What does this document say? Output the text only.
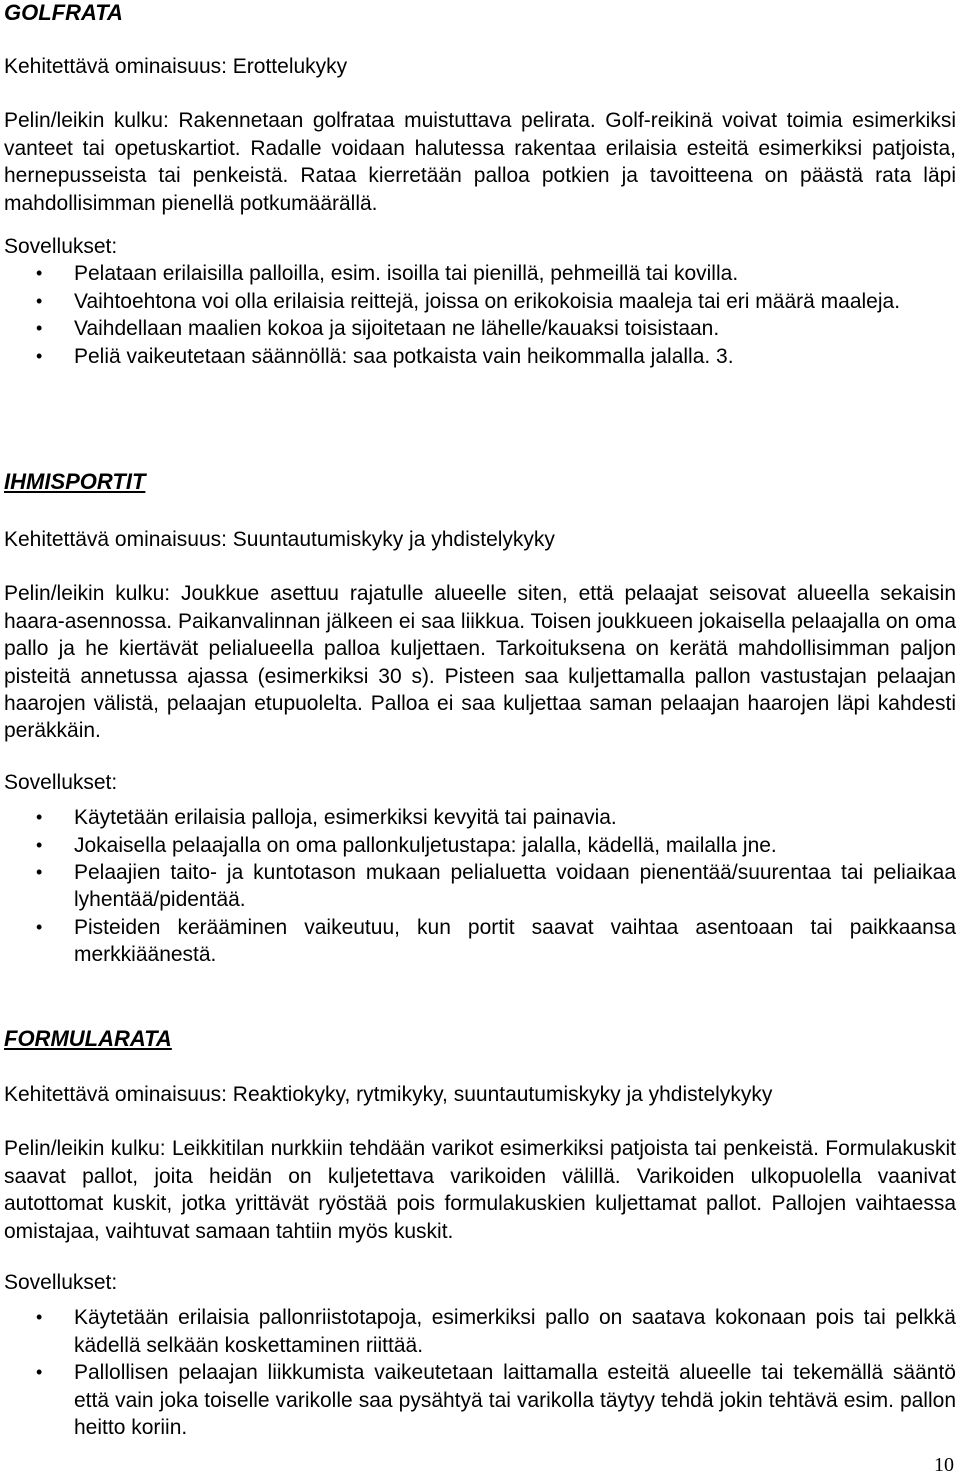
GOLFRATA

Kehitettävä ominaisuus: Erottelukyky

Pelin/leikin kulku: Rakennetaan golfrataa muistuttava pelirata. Golf-reikinä voivat toimia esimerkiksi vanteet tai opetuskartiot. Radalle voidaan halutessa rakentaa erilaisia esteitä esimerkiksi patjoista, hernepusseista tai penkeistä. Rataa kierretään palloa potkien ja tavoitteena on päästä rata läpi mahdollisimman pienellä potkumäärällä.

Sovellukset:

• Pelataan erilaisilla palloilla, esim. isoilla tai pienillä, pehmeillä tai kovilla.
• Vaihtoehtona voi olla erilaisia reittejä, joissa on erikokoisia maaleja tai eri määrä maaleja.
• Vaihdellaan maalien kokoa ja sijoitetaan ne lähelle/kauaksi toisistaan.
• Peliä vaikeutetaan säännöllä: saa potkaista vain heikommalla jalalla. 3.
IHMISPORTIT

Kehitettävä ominaisuus: Suuntautumiskyky ja yhdistelykyky

Pelin/leikin kulku: Joukkue asettuu rajatulle alueelle siten, että pelaajat seisovat alueella sekaisin haara-asennossa. Paikanvalinnan jälkeen ei saa liikkua. Toisen joukkueen jokaisella pelaajalla on oma pallo ja he kiertävät pelialueella palloa kuljettaen. Tarkoituksena on kerätä mahdollisimman paljon pisteitä annetussa ajassa (esimerkiksi 30 s). Pisteen saa kuljettamalla pallon vastustajan pelaajan haarojen välistä, pelaajan etupuolelta. Palloa ei saa kuljettaa saman pelaajan haarojen läpi kahdesti peräkkäin.

Sovellukset:

• Käytetään erilaisia palloja, esimerkiksi kevyitä tai painavia.
• Jokaisella pelaajalla on oma pallonkuljetustapa: jalalla, kädellä, mailalla jne.
• Pelaajien taito- ja kuntotason mukaan pelialuetta voidaan pienentää/suurentaa tai peliaikaa lyhentää/pidentää.
• Pisteiden kerääminen vaikeutuu, kun portit saavat vaihtaa asentoaan tai paikkaansa merkkiäänestä.
FORMULARATA

Kehitettävä ominaisuus: Reaktiokyky, rytmikyky, suuntautumiskyky ja yhdistelykyky

Pelin/leikin kulku: Leikkitilan nurkkiin tehdään varikot esimerkiksi patjoista tai penkeistä. Formulakuskit saavat pallot, joita heidän on kuljetettava varikoiden välillä. Varikoiden ulkopuolella vaanivat autottomat kuskit, jotka yrittävät ryöstää pois formulakuskien kuljettamat pallot. Pallojen vaihtaessa omistajaa, vaihtuvat samaan tahtiin myös kuskit.

Sovellukset:

• Käytetään erilaisia pallonriistotapoja, esimerkiksi pallo on saatava kokonaan pois tai pelkkä kädellä selkään koskettaminen riittää.
• Pallollisen pelaajan liikkumista vaikeutetaan laittamalla esteitä alueelle tai tekemällä sääntö että vain joka toiselle varikolle saa pysähtyä tai varikolla täytyy tehdä jokin tehtävä esim. pallon heitto koriin.
10
